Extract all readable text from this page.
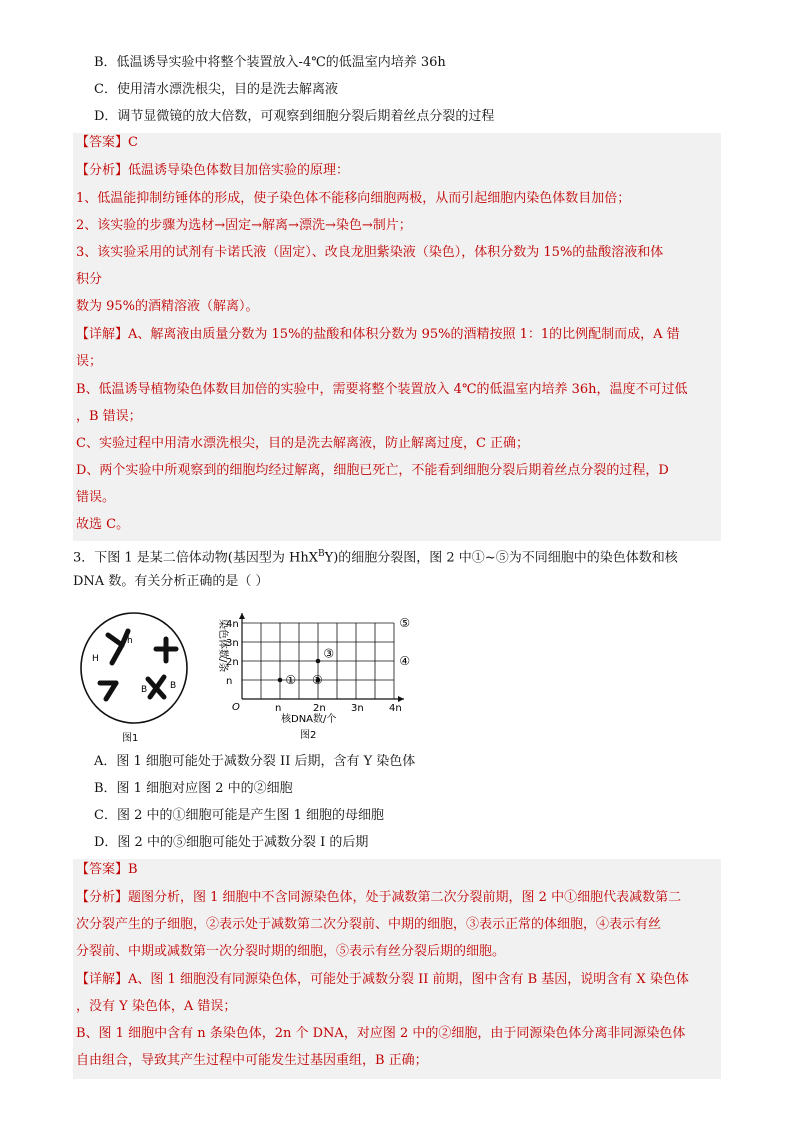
B．低温诱导实验中将整个装置放入-4℃的低温室内培养 36h
C．使用清水漂洗根尖，目的是洗去解离液
D．调节显微镜的放大倍数，可观察到细胞分裂后期着丝点分裂的过程
【答案】C
【分析】低温诱导染色体数目加倍实验的原理：
1、低温能抑制纺锤体的形成，使子染色体不能移向细胞两极，从而引起细胞内染色体数目加倍；
2、该实验的步骤为选材→固定→解离→漂洗→染色→制片；
3、该实验采用的试剂有卡诺氏液（固定）、改良龙胆紫染液（染色），体积分数为 15%的盐酸溶液和体
积分
数为 95%的酒精溶液（解离）。
【详解】A、解离液由质量分数为 15%的盐酸和体积分数为 95%的酒精按照 1：1的比例配制而成，A 错
误；
B、低温诱导植物染色体数目加倍的实验中，需要将整个装置放入 4℃的低温室内培养 36h，温度不可过低
，B 错误；
C、实验过程中用清水漂洗根尖，目的是洗去解离液，防止解离过度，C 正确；
D、两个实验中所观察到的细胞均经过解离，细胞已死亡，不能看到细胞分裂后期着丝点分裂的过程，D
错误。
故选 C。
3．下图 1 是某二倍体动物(基因型为 HhX$^B$Y)的细胞分裂图，图 2 中①~⑤为不同细胞中的染色体数和核
DNA 数。有关分析正确的是（ ）
h
H
B	B
图1
染色体数/条
O
核DNA数/个
图2
n
2n
3n
4n
n	2n	3n	4n
① ②
③
④
⑤
A．图 1 细胞可能处于减数分裂 II 后期，含有 Y 染色体
B．图 1 细胞对应图 2 中的②细胞
C．图 2 中的①细胞可能是产生图 1 细胞的母细胞
D．图 2 中的⑤细胞可能处于减数分裂 I 的后期
【答案】B
【分析】题图分析，图 1 细胞中不含同源染色体，处于减数第二次分裂前期，图 2 中①细胞代表减数第二
次分裂产生的子细胞，②表示处于减数第二次分裂前、中期的细胞，③表示正常的体细胞，④表示有丝
分裂前、中期或减数第一次分裂时期的细胞，⑤表示有丝分裂后期的细胞。
【详解】A、图 1 细胞没有同源染色体，可能处于减数分裂 II 前期，图中含有 B 基因，说明含有 X 染色体
，没有 Y 染色体，A 错误；
B、图 1 细胞中含有 n 条染色体，2n 个 DNA，对应图 2 中的②细胞，由于同源染色体分离非同源染色体
自由组合，导致其产生过程中可能发生过基因重组，B 正确；
